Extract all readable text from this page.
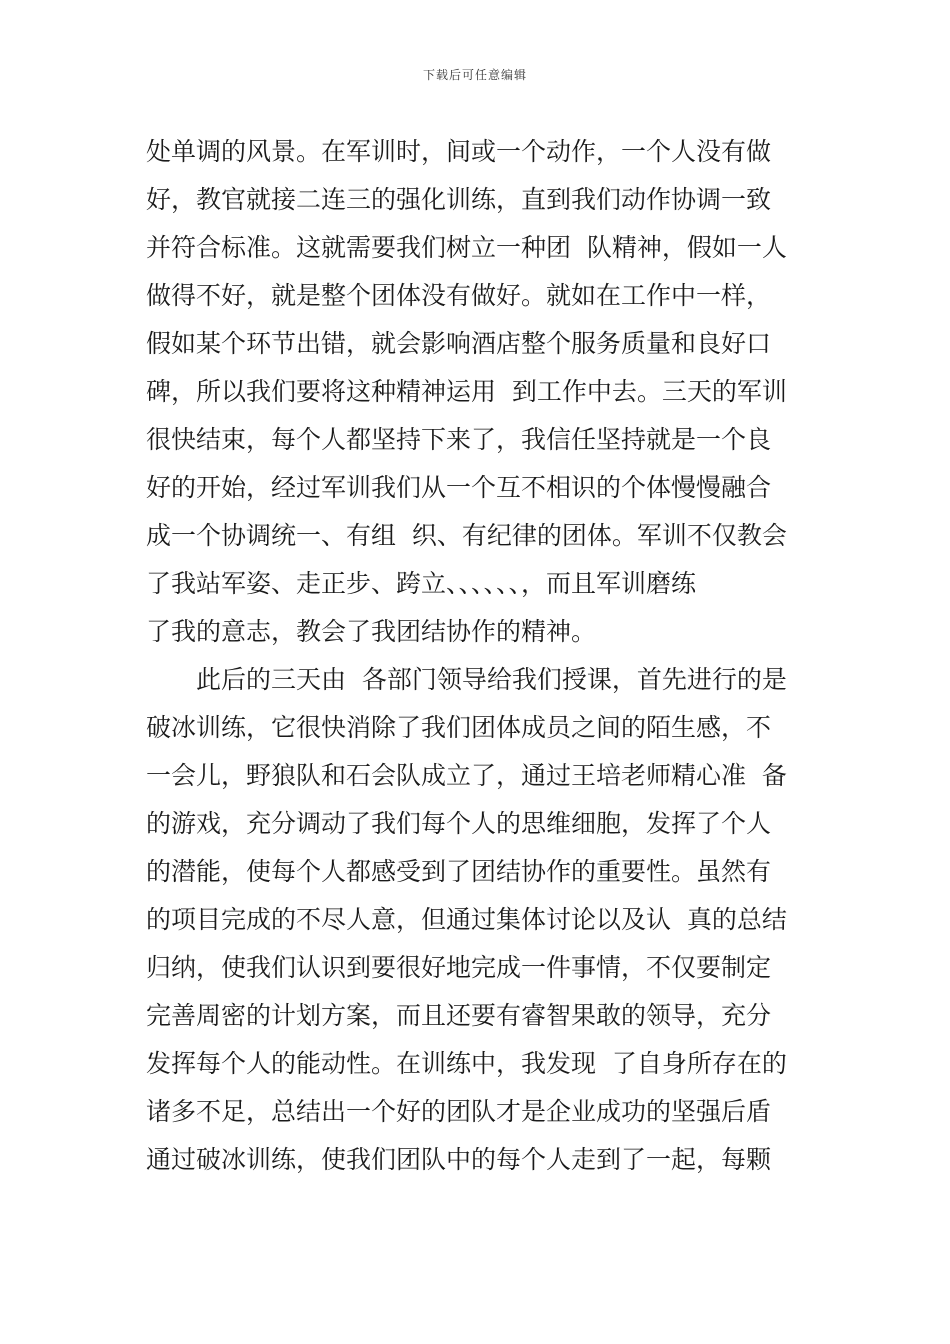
下载后可任意编辑
处单调的风景。在军训时，间或一个动作，一个人没有做
好，教官就接二连三的强化训练，直到我们动作协调一致
并符合标准。这就需要我们树立一种团  队精神，假如一人
做得不好，就是整个团体没有做好。就如在工作中一样，
假如某个环节出错，就会影响酒店整个服务质量和良好口
碑，所以我们要将这种精神运用  到工作中去。三天的军训
很快结束，每个人都坚持下来了，我信任坚持就是一个良
好的开始，经过军训我们从一个互不相识的个体慢慢融合
成一个协调统一、有组  织、有纪律的团体。军训不仅教会
了我站军姿、走正步、跨立、、、、、、，而且军训磨练
了我的意志，教会了我团结协作的精神。
此后的三天由  各部门领导给我们授课，首先进行的是
破冰训练，它很快消除了我们团体成员之间的陌生感，不
一会儿，野狼队和石会队成立了，通过王培老师精心准  备
的游戏，充分调动了我们每个人的思维细胞，发挥了个人
的潜能，使每个人都感受到了团结协作的重要性。虽然有
的项目完成的不尽人意，但通过集体讨论以及认  真的总结
归纳，使我们认识到要很好地完成一件事情，不仅要制定
完善周密的计划方案，而且还要有睿智果敢的领导，充分
发挥每个人的能动性。在训练中，我发现  了自身所存在的
诸多不足，总结出一个好的团队才是企业成功的坚强后盾
通过破冰训练，使我们团队中的每个人走到了一起，每颗
